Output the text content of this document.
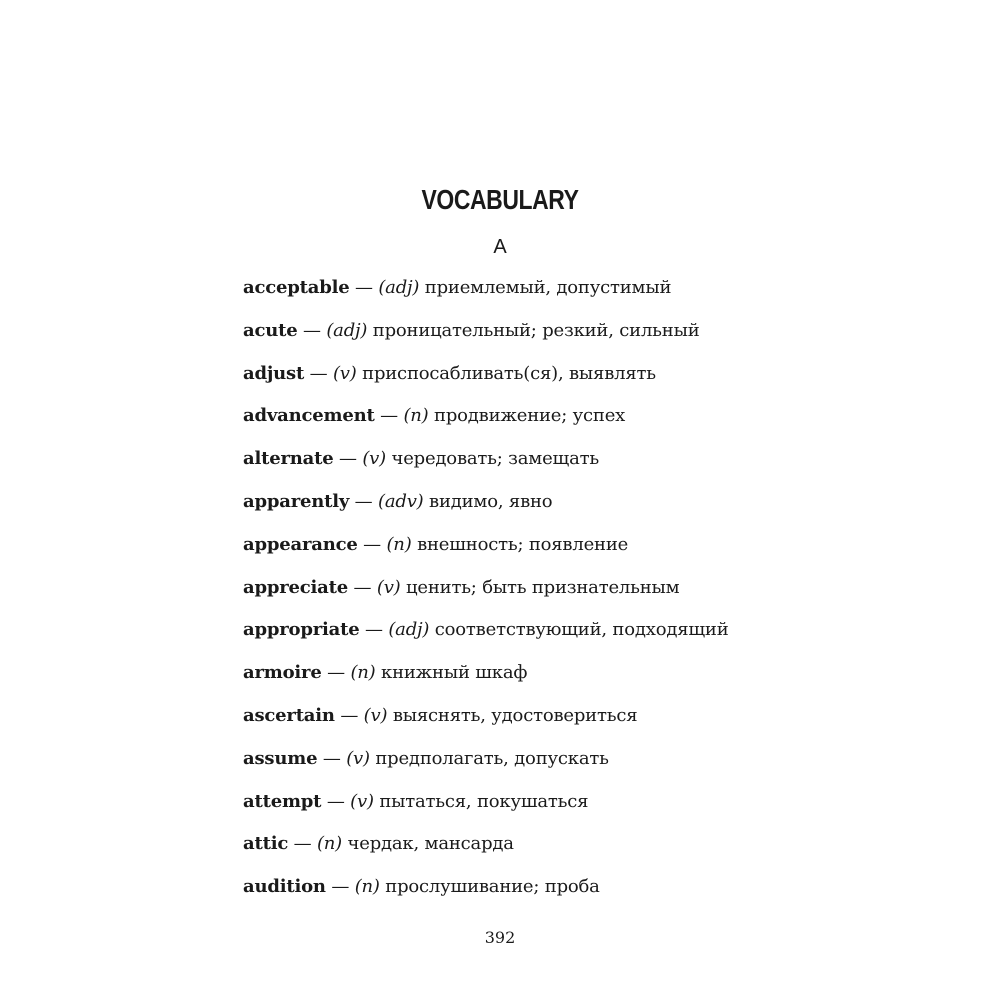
VOCABULARY
A
acceptable — (adj) приемлемый, допустимый
acute — (adj) проницательный; резкий, сильный
adjust — (v) приспосабливать(ся), выявлять
advancement — (n) продвижение; успех
alternate — (v) чередовать; замещать
apparently — (adv) видимо, явно
appearance — (n) внешность; появление
appreciate — (v) ценить; быть признательным
appropriate — (adj) соответствующий, подходящий
armoire — (n) книжный шкаф
ascertain — (v) выяснять, удостовериться
assume — (v) предполагать, допускать
attempt — (v) пытаться, покушаться
attic — (n) чердак, мансарда
audition — (n) прослушивание; проба
392
